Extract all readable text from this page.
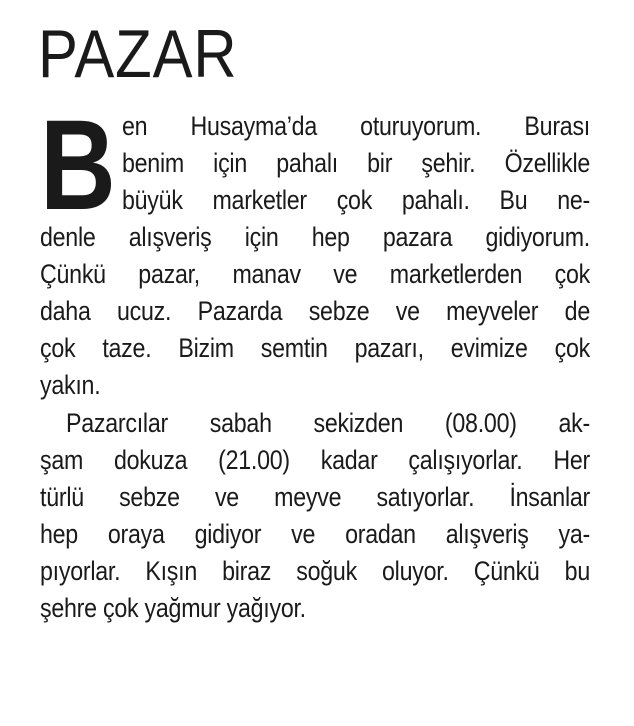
PAZAR
B en Husayma’da oturuyorum. Burası
benim için pahalı bir şehir. Özellikle
büyük marketler çok pahalı. Bu ne-
denle alışveriş için hep pazara gidiyorum.
Çünkü pazar, manav ve marketlerden çok
daha ucuz. Pazarda sebze ve meyveler de
çok taze. Bizim semtin pazarı, evimize çok
yakın.

Pazarcılar sabah sekizden (08.00) ak-
şam dokuza (21.00) kadar çalışıyorlar. Her
türlü sebze ve meyve satıyorlar. İnsanlar
hep oraya gidiyor ve oradan alışveriş ya-
pıyorlar. Kışın biraz soğuk oluyor. Çünkü bu
şehre çok yağmur yağıyor.
